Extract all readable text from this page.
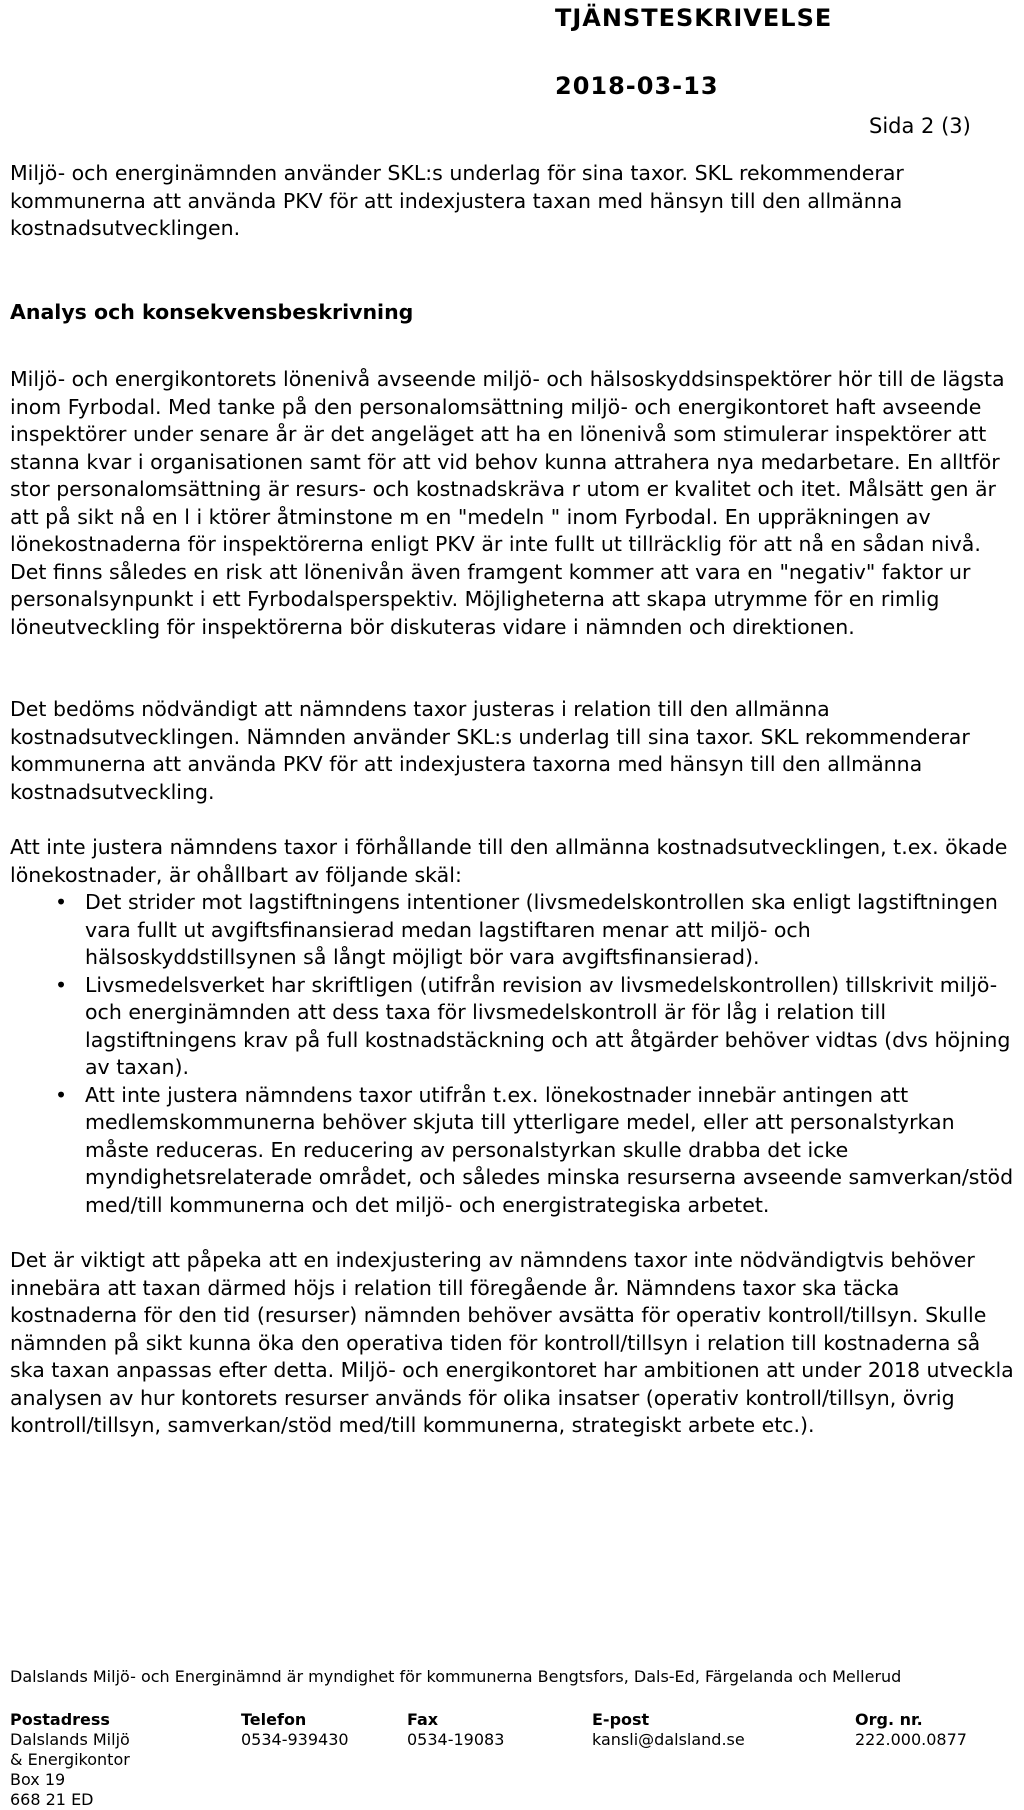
TJÄNSTESKRIVELSE
2018-03-13
Sida 2 (3)

Miljö- och energinämnden använder SKL:s underlag för sina taxor. SKL rekommenderar kommunerna att använda PKV för att indexjustera taxan med hänsyn till den allmänna kostnadsutvecklingen.

Analys och konsekvensbeskrivning

Miljö- och energikontorets lönenivå avseende miljö- och hälsoskyddsinspektörer hör till de lägsta inom Fyrbodal. Med tanke på den personalomsättning miljö- och energikontoret haft avseende inspektörer under senare år är det angeläget att ha en lönenivå som stimulerar inspektörer att stanna kvar i organisationen samt för att vid behov kunna attrahera nya medarbetare. En alltför stor personalomsättning är resurs- och kostnadskräva r utom er kvalitet och itet. Målsätt gen är att på sikt nå en l i ktörer åtminstone m en "medeln " inom Fyrbodal. En uppräkningen av lönekostnaderna för inspektörerna enligt PKV är inte fullt ut tillräcklig för att nå en sådan nivå. Det finns således en risk att lönenivån även framgent kommer att vara en "negativ" faktor ur personalsynpunkt i ett Fyrbodalsperspektiv. Möjligheterna att skapa utrymme för en rimlig löneutveckling för inspektörerna bör diskuteras vidare i nämnden och direktionen.

Det bedöms nödvändigt att nämndens taxor justeras i relation till den allmänna kostnadsutvecklingen. Nämnden använder SKL:s underlag till sina taxor. SKL rekommenderar kommunerna att använda PKV för att indexjustera taxorna med hänsyn till den allmänna kostnadsutveckling.

Att inte justera nämndens taxor i förhållande till den allmänna kostnadsutvecklingen, t.ex. ökade lönekostnader, är ohållbart av följande skäl:

• Det strider mot lagstiftningens intentioner (livsmedelskontrollen ska enligt lagstiftningen vara fullt ut avgiftsfinansierad medan lagstiftaren menar att miljö- och hälsoskyddstillsynen så långt möjligt bör vara avgiftsfinansierad).
• Livsmedelsverket har skriftligen (utifrån revision av livsmedelskontrollen) tillskrivit miljö- och energinämnden att dess taxa för livsmedelskontroll är för låg i relation till lagstiftningens krav på full kostnadstäckning och att åtgärder behöver vidtas (dvs höjning av taxan).
• Att inte justera nämndens taxor utifrån t.ex. lönekostnader innebär antingen att medlemskommunerna behöver skjuta till ytterligare medel, eller att personalstyrkan måste reduceras. En reducering av personalstyrkan skulle drabba det icke myndighetsrelaterade området, och således minska resurserna avseende samverkan/stöd med/till kommunerna och det miljö- och energistrategiska arbetet.

Det är viktigt att påpeka att en indexjustering av nämndens taxor inte nödvändigtvis behöver innebära att taxan därmed höjs i relation till föregående år. Nämndens taxor ska täcka kostnaderna för den tid (resurser) nämnden behöver avsätta för operativ kontroll/tillsyn. Skulle nämnden på sikt kunna öka den operativa tiden för kontroll/tillsyn i relation till kostnaderna så ska taxan anpassas efter detta. Miljö- och energikontoret har ambitionen att under 2018 utveckla analysen av hur kontorets resurser används för olika insatser (operativ kontroll/tillsyn, övrig kontroll/tillsyn, samverkan/stöd med/till kommunerna, strategiskt arbete etc.).

Dalslands Miljö- och Energinämnd är myndighet för kommunerna Bengtsfors, Dals-Ed, Färgelanda och Mellerud
Postadress
Dalslands Miljö
& Energikontor
Box 19
668 21 ED
Telefon
0534-939430
Fax
0534-19083
E-post
kansli@dalsland.se
Org. nr.
222.000.0877
